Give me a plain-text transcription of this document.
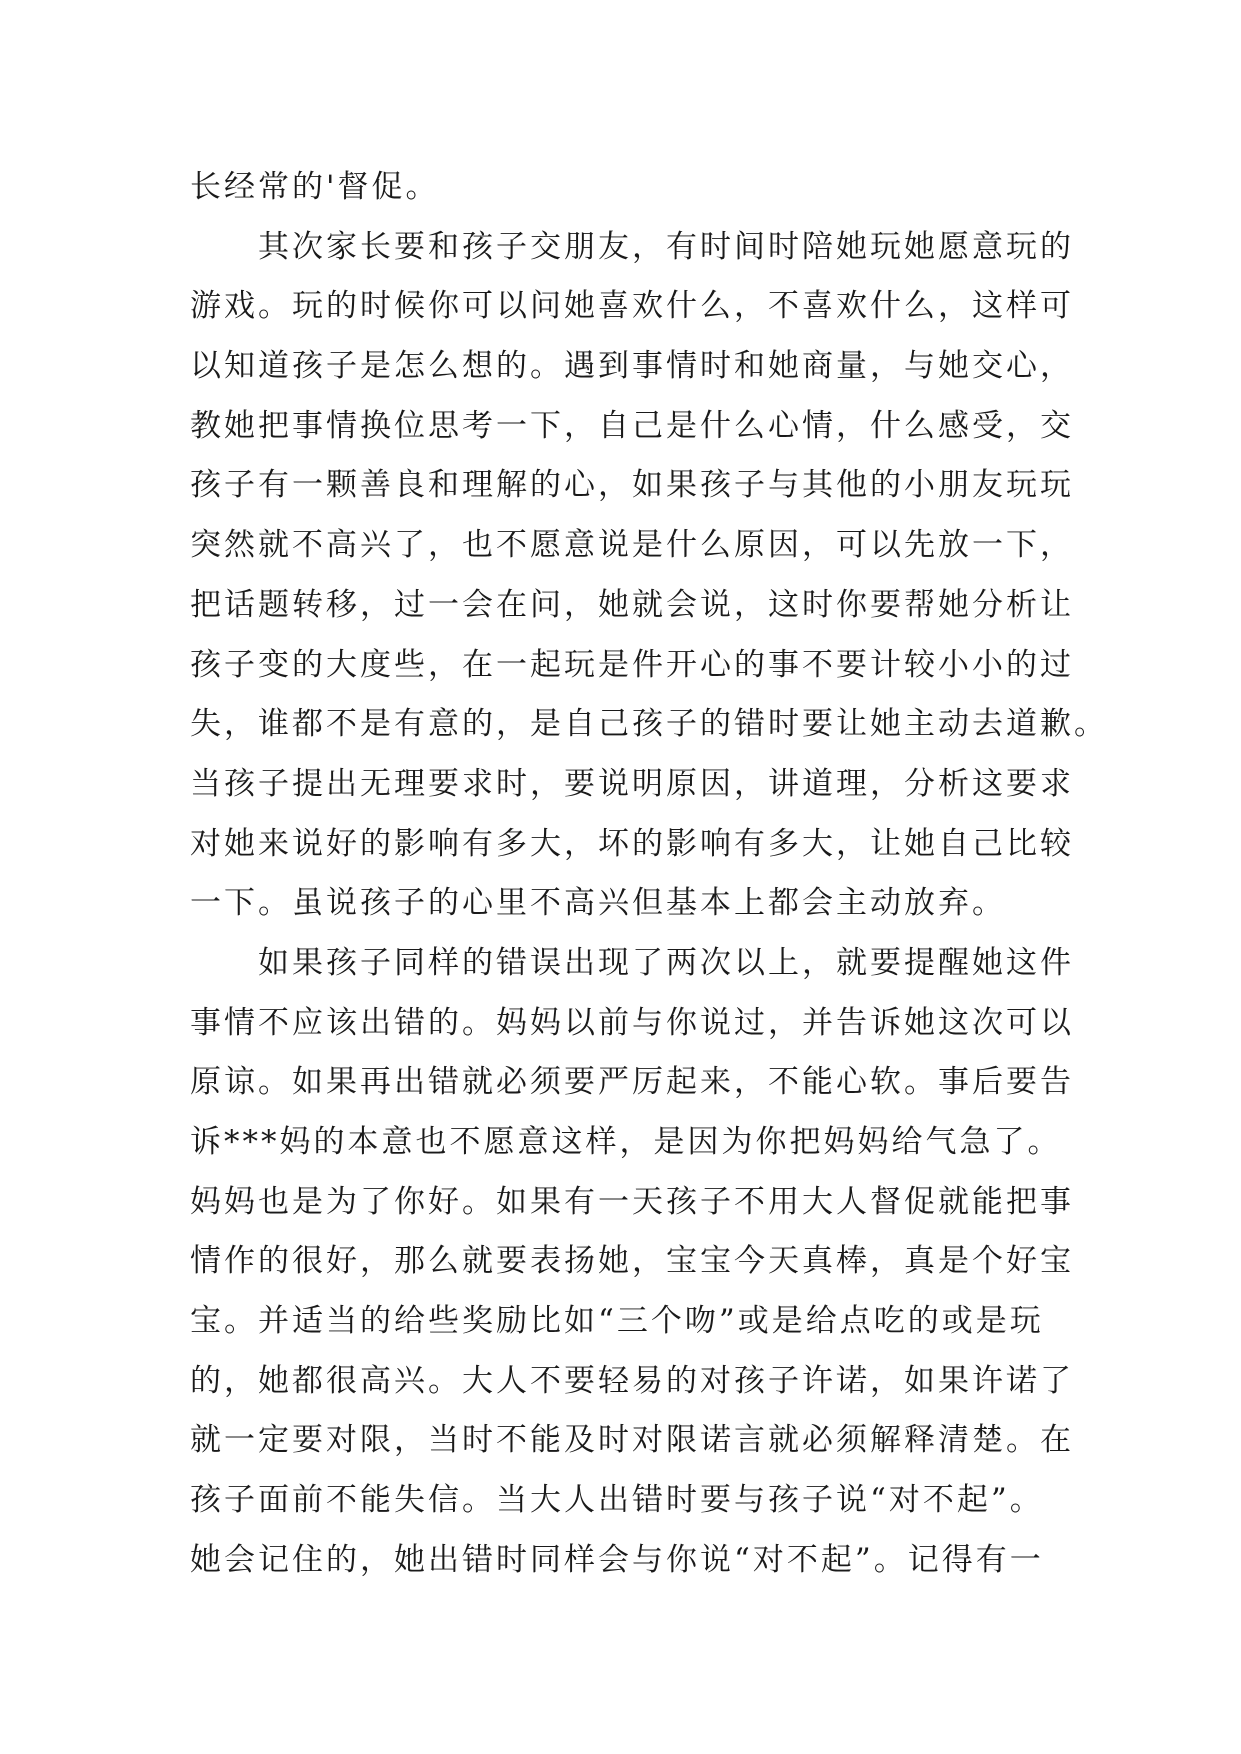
长经常的'督促。
其次家长要和孩子交朋友，有时间时陪她玩她愿意玩的
游戏。玩的时候你可以问她喜欢什么，不喜欢什么，这样可
以知道孩子是怎么想的。遇到事情时和她商量，与她交心，
教她把事情换位思考一下，自己是什么心情，什么感受，交
孩子有一颗善良和理解的心，如果孩子与其他的小朋友玩玩
突然就不高兴了，也不愿意说是什么原因，可以先放一下，
把话题转移，过一会在问，她就会说，这时你要帮她分析让
孩子变的大度些，在一起玩是件开心的事不要计较小小的过
失，谁都不是有意的，是自己孩子的错时要让她主动去道歉。
当孩子提出无理要求时，要说明原因，讲道理，分析这要求
对她来说好的影响有多大，坏的影响有多大，让她自己比较
一下。虽说孩子的心里不高兴但基本上都会主动放弃。
如果孩子同样的错误出现了两次以上，就要提醒她这件
事情不应该出错的。妈妈以前与你说过，并告诉她这次可以
原谅。如果再出错就必须要严厉起来，不能心软。事后要告
诉***妈的本意也不愿意这样，是因为你把妈妈给气急了。
妈妈也是为了你好。如果有一天孩子不用大人督促就能把事
情作的很好，那么就要表扬她，宝宝今天真棒，真是个好宝
宝。并适当的给些奖励比如“三个吻”或是给点吃的或是玩
的，她都很高兴。大人不要轻易的对孩子许诺，如果许诺了
就一定要对限，当时不能及时对限诺言就必须解释清楚。在
孩子面前不能失信。当大人出错时要与孩子说“对不起”。
她会记住的，她出错时同样会与你说“对不起”。记得有一
